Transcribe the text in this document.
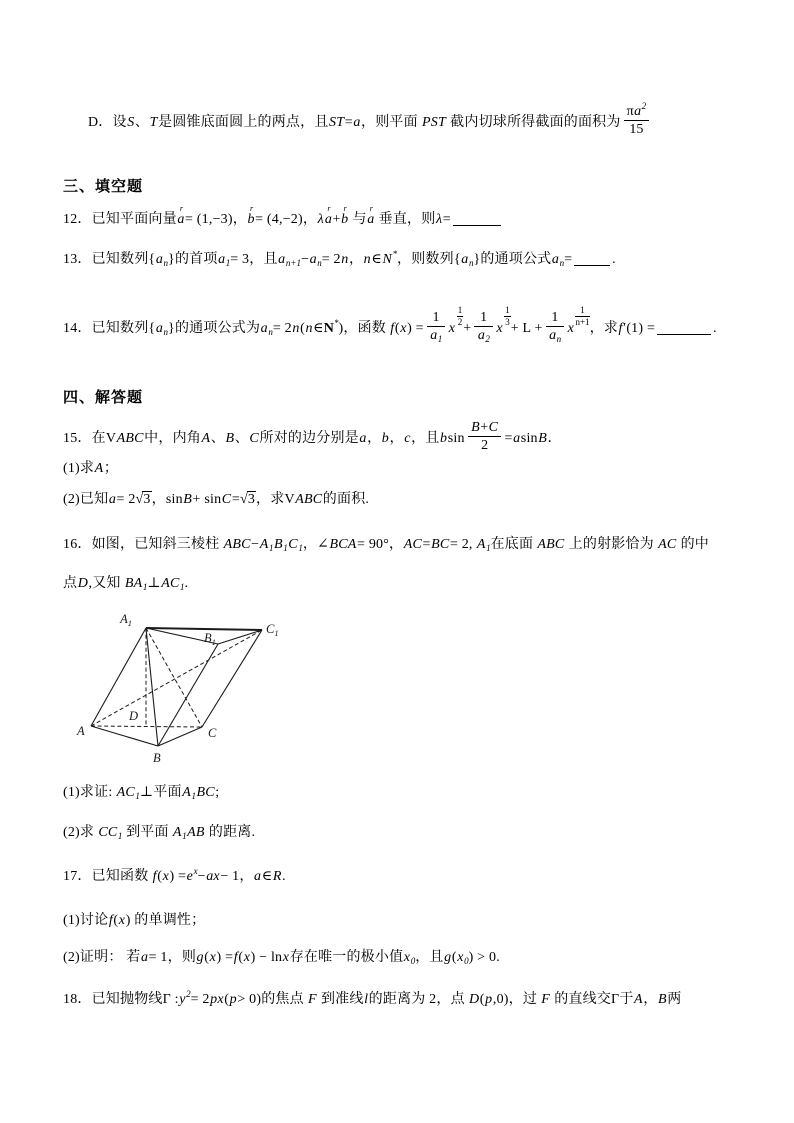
D．设S、T是圆锥底面圆上的两点，且ST=a，则平面 PST 截内切球所得截面的面积为 $\frac{\pi a^2}{15}$
三、填空题
12．已知平面向量
r
a= (1,−3)，
r
b= (4,−2)，λ
r
a+
r
b 与
r
a 垂直，则λ=
13．已知数列$\{a_n\}$的首项$a_1= 3$，且$a_{n+1}-a_n= 2n$，n∈N*，则数列$\{a_n\}$的通项公式$a_n=$	.
14．已知数列$\{a_n\}$的通项公式为$a_n=$ 2n(n∈N*)，函数 $f(x) = \frac{1}{a_1}$ x
$\frac{1}{2}$
+ $\frac{1}{a_2}$ x
$\frac{1}{3}$
+ $L + \frac{1}{a_n}$ x
$\frac{1}{n+1}$
，求f′(1) =	.
四、解答题
15．在VABC中，内角A、B、C所对的边分别是a，b，c，且bsin $\frac{B+C}{2} =asinB$．
(1)求A；
(2)已知a= 2√3，sinB+ sinC=√3，求VABC的面积.
16．如图，已知斜三棱柱 $ABC-A_1B_1C_1$，∠BCA= 90°，AC=BC= 2, $A_1$在底面 ABC 上的射影恰为 AC 的中
点D,又知 $BA_1\perp AC_1$.
$A_1$
$B_1$
$C_1$
A
B
C
D
(1)求证: $AC_1\perp$平面$A_1BC$;
(2)求 $CC_1$ 到平面 $A_1AB$ 的距离.
17．已知函数 $f(x) =e^x-ax- 1$，a∈R.
(1)讨论f(x) 的单调性；
(2)证明： 若a= 1，则g(x) =f(x) − lnx存在唯一的极小值$x_0$，且$g(x_0) > 0$.
18．已知抛物线Γ $:y^2= 2px(p> 0)$的焦点 F 到准线l的距离为 2，点 D(p,0)，过 F 的直线交Γ于A，B两
